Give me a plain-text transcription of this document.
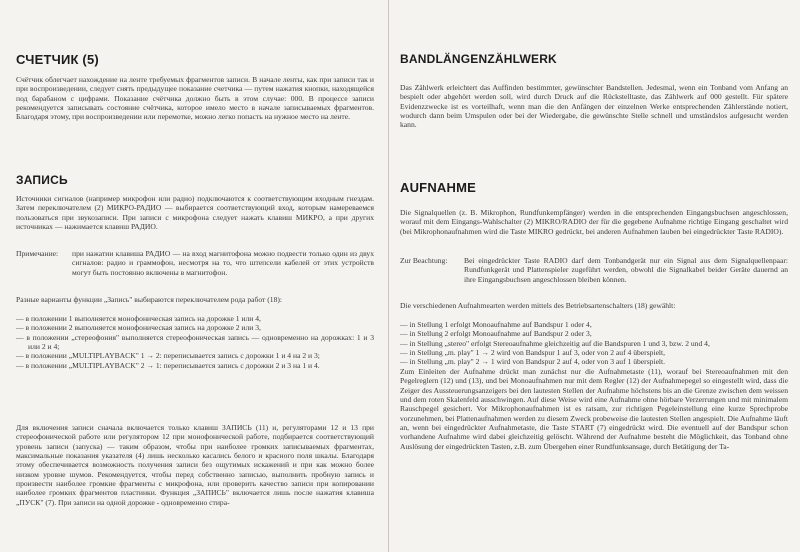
СЧЕТЧИК (5)

Счётчик облегчает нахождение на ленте требуемых фрагментов записи. В начале ленты, как при записи так и при воспроизведении, следует снять предыдущее показание счетчика — путем нажатия кнопки, находящейся под барабаном с цифрами. Показание счётчика должно быть в этом случае: 000. В процессе записи рекомендуется записывать состояние счётчика, которое имело место в начале записываемых фрагментов. Благодаря этому, при воспроизведении или перемотке, можно легко попасть на нужное место на ленте.

ЗАПИСЬ

Источники сигналов (например микрофон или радио) подключаются к соответствующим входным гнездам. Затем переключателем (2) МИКРО-РАДИО — выбирается соответствующий вход, которым намереваемся пользоваться при звукозаписи. При записи с микрофона следует нажать клавиш МИКРО, а при других источниках — нажимается клавиш РАДИО.

Примечание:	при нажатии клавиша РАДИО — на вход магнитофона можно подвести только один из двух сигналов: радио и граммофон, несмотря на то, что штепсели кабелей от этих устройств могут быть постоянно включены в магнитофон.

Разные варианты функции „Запись" выбираются переключателем рода работ (18):

— в положении 1 выполняется монофоническая запись на дорожке 1 или 4,
— в положении 2 выполняется монофоническая запись на дорожке 2 или 3,
— в положении „стереофония" выполняется стереофоническая запись — одновременно на дорожках: 1 и 3 или 2 и 4;
— в положении „MULTIPLAYBACK" 1 → 2: переписывается запись с дорожки 1 и 4 на 2 и 3;
— в положении „MULTIPLAYBACK" 2 → 1: переписывается запись с дорожки 2 и 3 на 1 и 4.

Для включения записи сначала включается только клавиш ЗАПИСЬ (11) и, регуляторами 12 и 13 при стереофонической работе или регулятором 12 при монофонической работе, подбирается соответствующий уровень записи (запуска) — таким образом, чтобы при наиболее громких записываемых фрагментах, максимальные показания указателя (4) лишь несколько касались белого и красного поля шкалы. Благодаря этому обеспечивается возможность получения записи без ощутимых искажений и при как можно более низком уровне шумов. Рекомендуется, чтобы перед собственно записью, выполнить пробную запись и произвести наиболее громкие фрагменты с микрофона, или проверить качество записи при копировании наиболее громких фрагментов пластинки. Функция „ЗАПИСЬ" включается лишь после нажатия клавиша „ПУСК" (7). При записи на одной дорожке - одновременно стира-

BANDLÄNGENZÄHLWERK

Das Zählwerk erleichtert das Auffinden bestimmter, gewünschter Bandstellen. Jedesmal, wenn ein Tonband vom Anfang an bespielt oder abgehört werden soll, wird durch Druck auf die Rückstelltaste, das Zählwerk auf 000 gestellt. Für spätere Evidenzzwecke ist es vorteilhaft, wenn man die den Anfängen der einzelnen Werke entsprechenden Zählerstände notiert, wodurch dann beim Umspulen oder bei der Wiedergabe, die gewünschte Stelle schnell und umständslos aufgesucht werden kann.

AUFNAHME

Die Signalquellen (z. B. Mikrophon, Rundfunkempfänger) werden in die entsprechenden Eingangsbuchsen angeschlossen, worauf mit dem Eingangs-Wahlschalter (2) MIKRO/RADIO der für die gegebene Aufnahme richtige Eingang geschaltet wird (bei Mikrophonaufnahmen wird die Taste MIKRO gedrückt, bei anderen Aufnahmen lauben bei eingedrückter Taste RADIO).

Zur Beachtung:	Bei eingedrückter Taste RADIO darf dem Tonbandgerät nur ein Signal aus dem Signalquellenpaar: Rundfunkgerät und Plattenspieler zugeführt werden, obwohl die Signalkabel beider Geräte dauernd an ihre Eingangsbuchsen angeschlossen bleiben können.

Die verschiedenen Aufnahmearten werden mittels des Betriebsartenschalters (18) gewählt:

— in Stellung 1 erfolgt Monoaufnahme auf Bandspur 1 oder 4,
— in Stellung 2 erfolgt Monoaufnahme auf Bandspur 2 oder 3,
— in Stellung „stereo" erfolgt Stereoaufnahme gleichzeitig auf die Bandspuren 1 und 3, bzw. 2 und 4,
— in Stellung „m. play" 1 → 2 wird von Bandspur 1 auf 3, oder von 2 auf 4 überspielt,
— in Stellung „m. play" 2 → 1 wird von Bandspur 2 auf 4, oder von 3 auf 1 überspielt.

Zum Einleiten der Aufnahme drückt man zunächst nur die Aufnahmetaste (11), worauf bei Stereoaufnahmen mit den Pegelreglern (12) und (13), und bei Monoaufnahmen nur mit dem Regler (12) der Aufnahmepegel so eingestellt wird, dass die Zeiger des Aussteuerungsanzeigers bei den lautesten Stellen der Aufnahme höchstens bis an die Grenze zwischen dem weissen und dem roten Skalenfeld ausschwingen. Auf diese Weise wird eine Aufnahme ohne hörbare Verzerrungen und mit minimalem Rauschpegel gesichert. Vor Mikrophonaufnahmen ist es ratsam, zur richtigen Pegeleinstellung eine kurze Sprechprobe vorzunehmen, bei Plattenaufnahmen werden zu diesem Zweck probeweise die lautesten Stellen angespielt. Die Aufnahme läuft an, wenn bei eingedrückter Aufnahmetaste, die Taste START (7) eingedrückt wird. Die eventuell auf der Bandspur schon vorhandene Aufnahme wird dabei gleichzeitig gelöscht. Während der Aufnahme besteht die Möglichkeit, das Tonband ohne Auslösung der eingedrückten Tasten, z.B. zum Übergehen einer Rundfunksansage, durch Betätigung der Ta-
